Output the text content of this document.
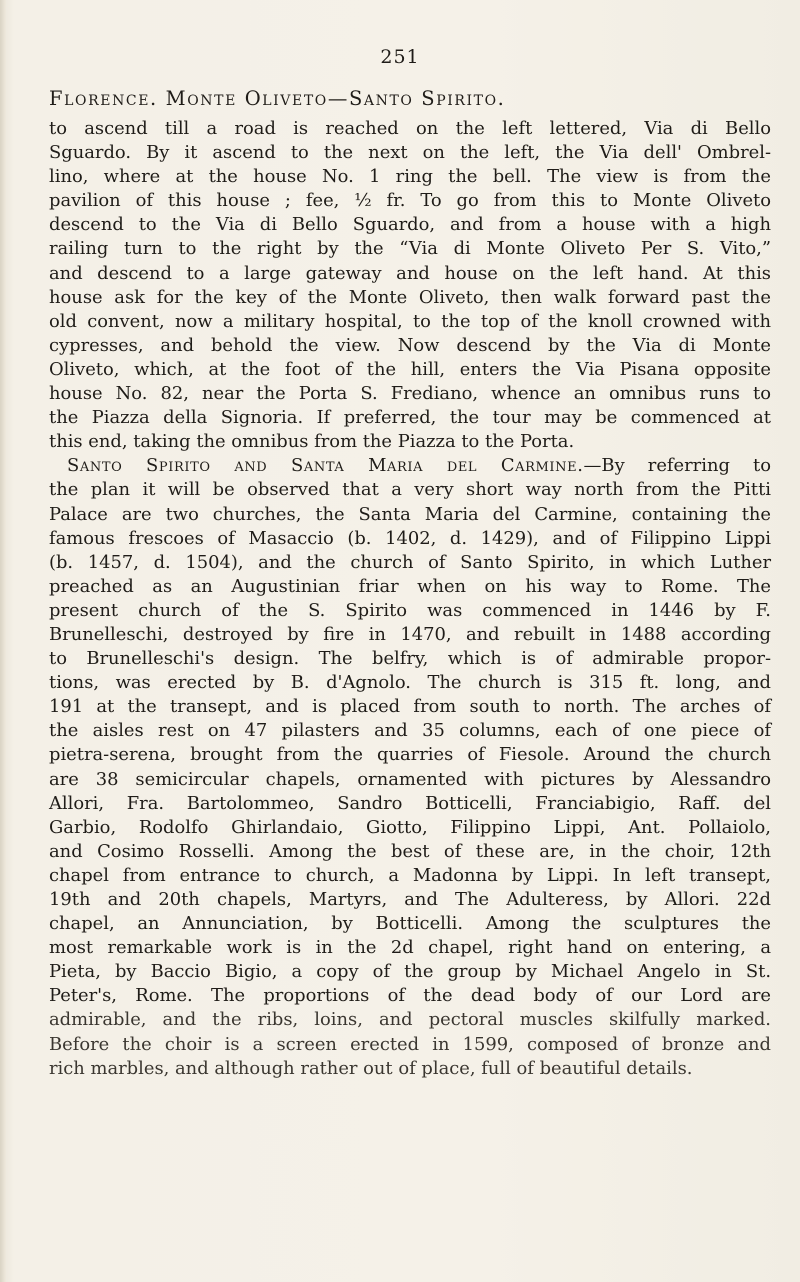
251
Florence. Monte Oliveto—Santo Spirito.
to ascend till a road is reached on the left lettered, Via di Bello
Sguardo. By it ascend to the next on the left, the Via dell' Ombrel-
lino, where at the house No. 1 ring the bell. The view is from the
pavilion of this house ; fee, ½ fr. To go from this to Monte Oliveto
descend to the Via di Bello Sguardo, and from a house with a high
railing turn to the right by the “Via di Monte Oliveto Per S. Vito,”
and descend to a large gateway and house on the left hand. At this
house ask for the key of the Monte Oliveto, then walk forward past the
old convent, now a military hospital, to the top of the knoll crowned with
cypresses, and behold the view. Now descend by the Via di Monte
Oliveto, which, at the foot of the hill, enters the Via Pisana opposite
house No. 82, near the Porta S. Frediano, whence an omnibus runs to
the Piazza della Signoria. If preferred, the tour may be commenced at
this end, taking the omnibus from the Piazza to the Porta.
Santo Spirito and Santa Maria del Carmine.—By referring to
the plan it will be observed that a very short way north from the Pitti
Palace are two churches, the Santa Maria del Carmine, containing the
famous frescoes of Masaccio (b. 1402, d. 1429), and of Filippino Lippi
(b. 1457, d. 1504), and the church of Santo Spirito, in which Luther
preached as an Augustinian friar when on his way to Rome. The
present church of the S. Spirito was commenced in 1446 by F.
Brunelleschi, destroyed by fire in 1470, and rebuilt in 1488 according
to Brunelleschi's design. The belfry, which is of admirable propor-
tions, was erected by B. d'Agnolo. The church is 315 ft. long, and
191 at the transept, and is placed from south to north. The arches of
the aisles rest on 47 pilasters and 35 columns, each of one piece of
pietra-serena, brought from the quarries of Fiesole. Around the church
are 38 semicircular chapels, ornamented with pictures by Alessandro
Allori, Fra. Bartolommeo, Sandro Botticelli, Franciabigio, Raff. del
Garbio, Rodolfo Ghirlandaio, Giotto, Filippino Lippi, Ant. Pollaiolo,
and Cosimo Rosselli. Among the best of these are, in the choir, 12th
chapel from entrance to church, a Madonna by Lippi. In left transept,
19th and 20th chapels, Martyrs, and The Adulteress, by Allori. 22d
chapel, an Annunciation, by Botticelli. Among the sculptures the
most remarkable work is in the 2d chapel, right hand on entering, a
Pieta, by Baccio Bigio, a copy of the group by Michael Angelo in St.
Peter's, Rome. The proportions of the dead body of our Lord are
admirable, and the ribs, loins, and pectoral muscles skilfully marked.
Before the choir is a screen erected in 1599, composed of bronze and
rich marbles, and although rather out of place, full of beautiful details.
